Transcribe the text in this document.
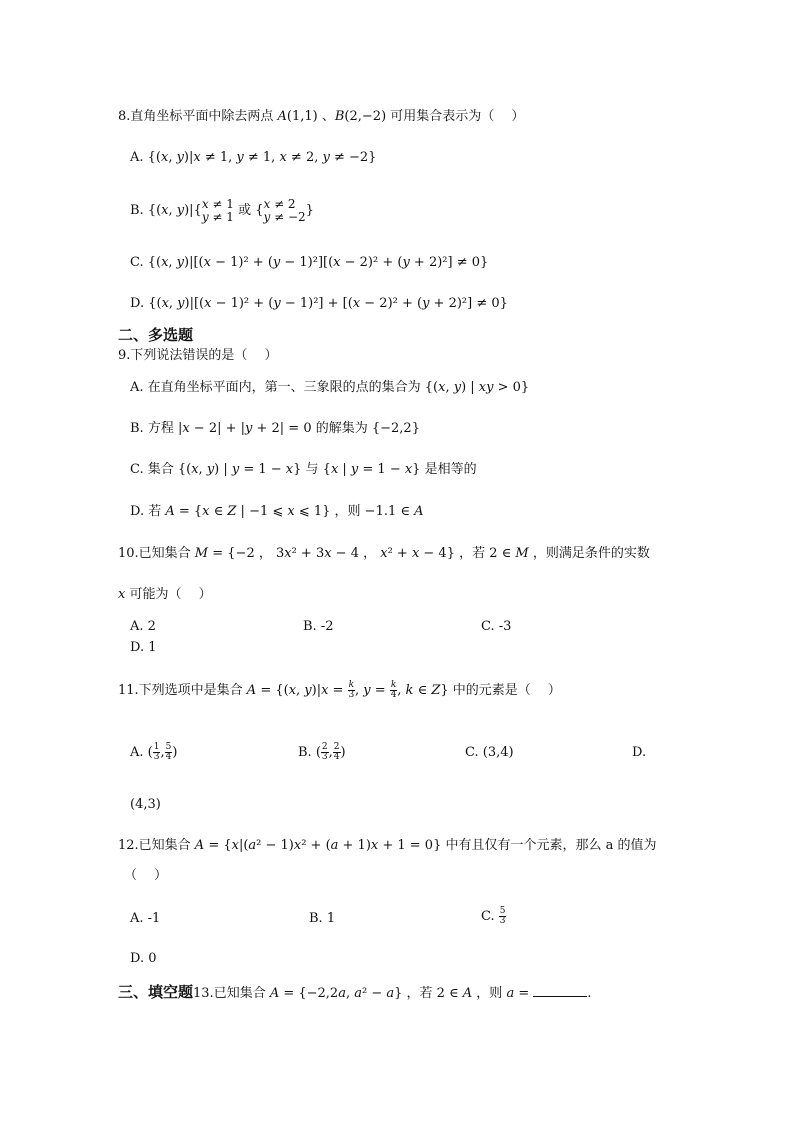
8.直角坐标平面中除去两点 𝐴(1,1) 、𝐵(2,−2) 可用集合表示为（　 ）
A. {(𝑥, 𝑦)|𝑥 ≠ 1, 𝑦 ≠ 1, 𝑥 ≠ 2, 𝑦 ≠ −2}
B. {(𝑥, 𝑦)|{ 𝑥 ≠ 1
𝑦 ≠ 1 或 { 𝑥 ≠ 2
𝑦 ≠ −2 }
C. {(𝑥, 𝑦)|[(𝑥 − 1)² + (𝑦 − 1)²][(𝑥 − 2)² + (𝑦 + 2)²] ≠ 0}
D. {(𝑥, 𝑦)|[(𝑥 − 1)² + (𝑦 − 1)²] + [(𝑥 − 2)² + (𝑦 + 2)²] ≠ 0}
二、多选题
9.下列说法错误的是（　 ）
A. 在直角坐标平面内，第一、三象限的点的集合为 {(𝑥, 𝑦) | 𝑥𝑦 > 0}
B. 方程 |𝑥 − 2| + |𝑦 + 2| = 0 的解集为 {−2,2}
C. 集合 {(𝑥, 𝑦) | 𝑦 = 1 − 𝑥} 与 {𝑥 | 𝑦 = 1 − 𝑥} 是相等的
D. 若 𝐴 = {𝑥 ∈ 𝑍 | −1 ⩽ 𝑥 ⩽ 1} ，则 −1.1 ∈ 𝐴
10.已知集合 𝑀 = {−2 ， 3𝑥² + 3𝑥 − 4 ， 𝑥² + 𝑥 − 4} ，若 2 ∈ 𝑀 ，则满足条件的实数
𝑥 可能为（　 ）
A. 2	B. -2	C. -3
D. 1
11.下列选项中是集合 𝐴 = {(𝑥, 𝑦)|𝑥 = $\frac{\text{𝑘}}{3}$ , 𝑦 = $\frac{\text{𝑘}}{4}$ , 𝑘 ∈ 𝑍} 中的元素是（　 ）
A. ( $\frac{1}{3}$ , $\frac{5}{4}$ )	B. ( $\frac{2}{3}$ , $\frac{2}{4}$ )	C. (3,4)	D.
(4,3)
12.已知集合 𝐴 = {𝑥|(𝑎² − 1)𝑥² + (𝑎 + 1)𝑥 + 1 = 0} 中有且仅有一个元素，那么 a 的值为
（　 ）
A. -1	B. 1	C. $\frac{5}{3}$
D. 0
三、填空题13.已知集合 𝐴 = {−2,2𝑎, 𝑎² − 𝑎} ，若 2 ∈ 𝐴 ，则 𝑎 =	.
